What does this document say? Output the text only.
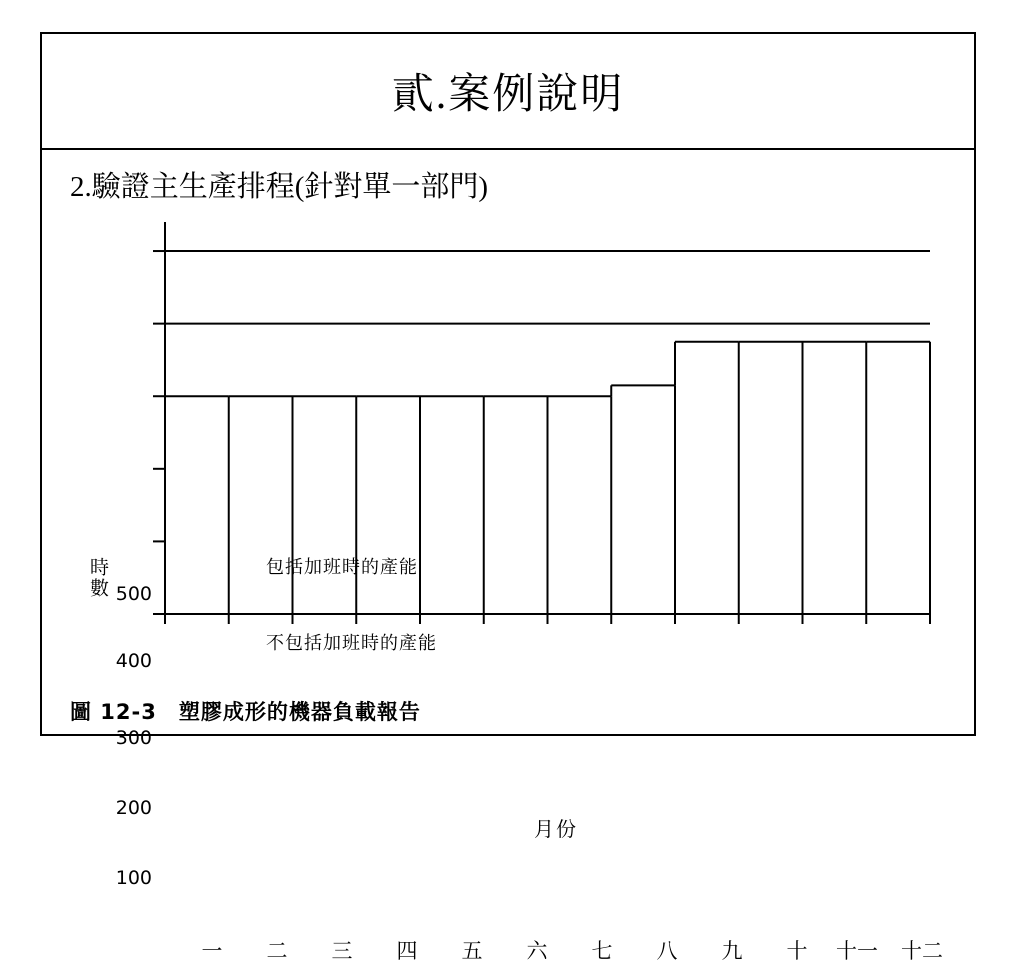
貳.案例說明
2.驗證主生產排程(針對單一部門)
時數
月份
500
400
300
200
100
包括加班時的產能
不包括加班時的產能
一	二	三	四	五	六	七	八	九	十	十一	十二
圖 12-3 塑膠成形的機器負載報告
